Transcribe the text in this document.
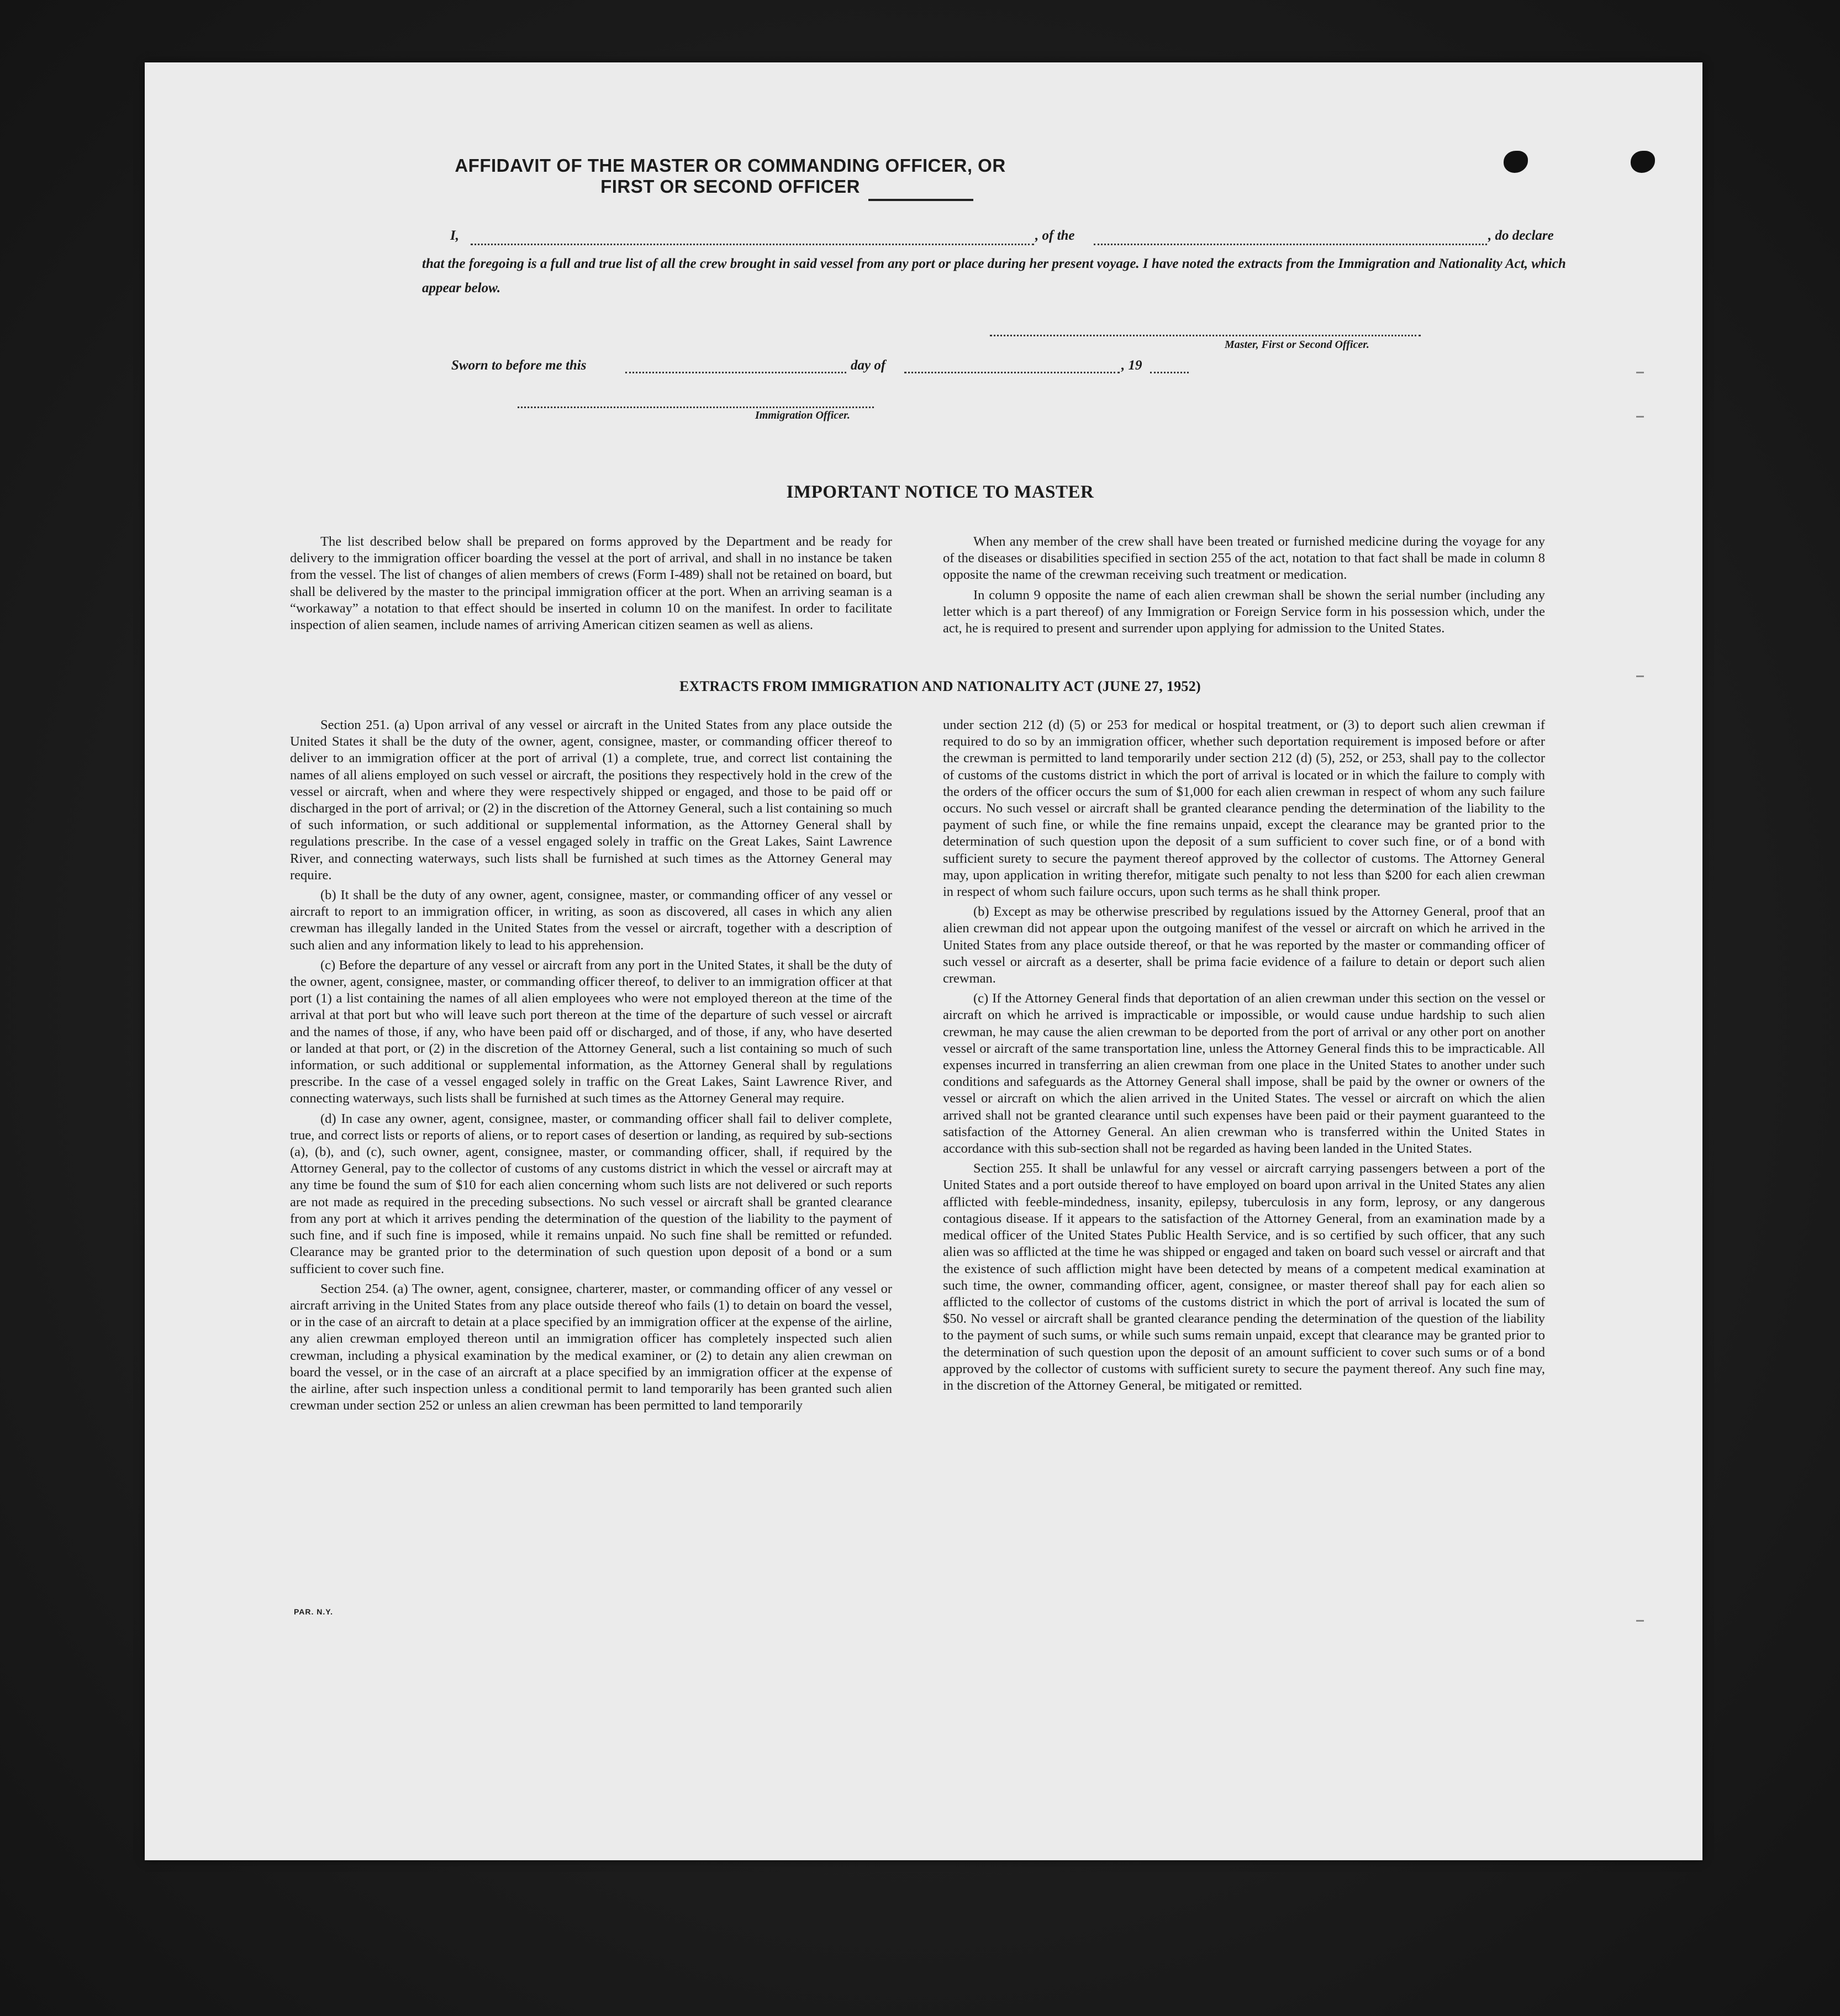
AFFIDAVIT OF THE MASTER OR COMMANDING OFFICER, OR FIRST OR SECOND OFFICER
I,	, of the	, do declare
that the foregoing is a full and true list of all the crew brought in said vessel from any port or place during her present voyage. I have noted the extracts from the Immigration and Nationality Act, which appear below.
Master, First or Second Officer.
Sworn to before me this	day of	, 19
Immigration Officer.
IMPORTANT NOTICE TO MASTER

The list described below shall be prepared on forms approved by the Department and be ready for delivery to the immigration officer boarding the vessel at the port of arrival, and shall in no instance be taken from the vessel. The list of changes of alien members of crews (Form I-489) shall not be retained on board, but shall be delivered by the master to the principal immigration officer at the port. When an arriving seaman is a “workaway” a notation to that effect should be inserted in column 10 on the manifest. In order to facilitate inspection of alien seamen, include names of arriving American citizen seamen as well as aliens.

When any member of the crew shall have been treated or furnished medicine during the voyage for any of the diseases or disabilities specified in section 255 of the act, notation to that fact shall be made in column 8 opposite the name of the crewman receiving such treatment or medication.

In column 9 opposite the name of each alien crewman shall be shown the serial number (including any letter which is a part thereof) of any Immigration or Foreign Service form in his possession which, under the act, he is required to present and surrender upon applying for admission to the United States.

EXTRACTS FROM IMMIGRATION AND NATIONALITY ACT (JUNE 27, 1952)

Section 251. (a) Upon arrival of any vessel or aircraft in the United States from any place outside the United States it shall be the duty of the owner, agent, consignee, master, or commanding officer thereof to deliver to an immigration officer at the port of arrival (1) a complete, true, and correct list containing the names of all aliens employed on such vessel or aircraft, the positions they respectively hold in the crew of the vessel or aircraft, when and where they were respectively shipped or engaged, and those to be paid off or discharged in the port of arrival; or (2) in the discretion of the Attorney General, such a list containing so much of such information, or such additional or supplemental information, as the Attorney General shall by regulations prescribe. In the case of a vessel engaged solely in traffic on the Great Lakes, Saint Lawrence River, and connecting waterways, such lists shall be furnished at such times as the Attorney General may require.

(b) It shall be the duty of any owner, agent, consignee, master, or commanding officer of any vessel or aircraft to report to an immigration officer, in writing, as soon as discovered, all cases in which any alien crewman has illegally landed in the United States from the vessel or aircraft, together with a description of such alien and any information likely to lead to his apprehension.

(c) Before the departure of any vessel or aircraft from any port in the United States, it shall be the duty of the owner, agent, consignee, master, or commanding officer thereof, to deliver to an immigration officer at that port (1) a list containing the names of all alien employees who were not employed thereon at the time of the arrival at that port but who will leave such port thereon at the time of the departure of such vessel or aircraft and the names of those, if any, who have been paid off or discharged, and of those, if any, who have deserted or landed at that port, or (2) in the discretion of the Attorney General, such a list containing so much of such information, or such additional or supplemental information, as the Attorney General shall by regulations prescribe. In the case of a vessel engaged solely in traffic on the Great Lakes, Saint Lawrence River, and connecting waterways, such lists shall be furnished at such times as the Attorney General may require.

(d) In case any owner, agent, consignee, master, or commanding officer shall fail to deliver complete, true, and correct lists or reports of aliens, or to report cases of desertion or landing, as required by sub-sections (a), (b), and (c), such owner, agent, consignee, master, or commanding officer, shall, if required by the Attorney General, pay to the collector of customs of any customs district in which the vessel or aircraft may at any time be found the sum of $10 for each alien concerning whom such lists are not delivered or such reports are not made as required in the preceding subsections. No such vessel or aircraft shall be granted clearance from any port at which it arrives pending the determination of the question of the liability to the payment of such fine, and if such fine is imposed, while it remains unpaid. No such fine shall be remitted or refunded. Clearance may be granted prior to the determination of such question upon deposit of a bond or a sum sufficient to cover such fine.

Section 254. (a) The owner, agent, consignee, charterer, master, or commanding officer of any vessel or aircraft arriving in the United States from any place outside thereof who fails (1) to detain on board the vessel, or in the case of an aircraft to detain at a place specified by an immigration officer at the expense of the airline, any alien crewman employed thereon until an immigration officer has completely inspected such alien crewman, including a physical examination by the medical examiner, or (2) to detain any alien crewman on board the vessel, or in the case of an aircraft at a place specified by an immigration officer at the expense of the airline, after such inspection unless a conditional permit to land temporarily has been granted such alien crewman under section 252 or unless an alien crewman has been permitted to land temporarily

under section 212 (d) (5) or 253 for medical or hospital treatment, or (3) to deport such alien crewman if required to do so by an immigration officer, whether such deportation requirement is imposed before or after the crewman is permitted to land temporarily under section 212 (d) (5), 252, or 253, shall pay to the collector of customs of the customs district in which the port of arrival is located or in which the failure to comply with the orders of the officer occurs the sum of $1,000 for each alien crewman in respect of whom any such failure occurs. No such vessel or aircraft shall be granted clearance pending the determination of the liability to the payment of such fine, or while the fine remains unpaid, except the clearance may be granted prior to the determination of such question upon the deposit of a sum sufficient to cover such fine, or of a bond with sufficient surety to secure the payment thereof approved by the collector of customs. The Attorney General may, upon application in writing therefor, mitigate such penalty to not less than $200 for each alien crewman in respect of whom such failure occurs, upon such terms as he shall think proper.

(b) Except as may be otherwise prescribed by regulations issued by the Attorney General, proof that an alien crewman did not appear upon the outgoing manifest of the vessel or aircraft on which he arrived in the United States from any place outside thereof, or that he was reported by the master or commanding officer of such vessel or aircraft as a deserter, shall be prima facie evidence of a failure to detain or deport such alien crewman.

(c) If the Attorney General finds that deportation of an alien crewman under this section on the vessel or aircraft on which he arrived is impracticable or impossible, or would cause undue hardship to such alien crewman, he may cause the alien crewman to be deported from the port of arrival or any other port on another vessel or aircraft of the same transportation line, unless the Attorney General finds this to be impracticable. All expenses incurred in transferring an alien crewman from one place in the United States to another under such conditions and safeguards as the Attorney General shall impose, shall be paid by the owner or owners of the vessel or aircraft on which the alien arrived in the United States. The vessel or aircraft on which the alien arrived shall not be granted clearance until such expenses have been paid or their payment guaranteed to the satisfaction of the Attorney General. An alien crewman who is transferred within the United States in accordance with this sub-section shall not be regarded as having been landed in the United States.

Section 255. It shall be unlawful for any vessel or aircraft carrying passengers between a port of the United States and a port outside thereof to have employed on board upon arrival in the United States any alien afflicted with feeble-mindedness, insanity, epilepsy, tuberculosis in any form, leprosy, or any dangerous contagious disease. If it appears to the satisfaction of the Attorney General, from an examination made by a medical officer of the United States Public Health Service, and is so certified by such officer, that any such alien was so afflicted at the time he was shipped or engaged and taken on board such vessel or aircraft and that the existence of such affliction might have been detected by means of a competent medical examination at such time, the owner, commanding officer, agent, consignee, or master thereof shall pay for each alien so afflicted to the collector of customs of the customs district in which the port of arrival is located the sum of $50. No vessel or aircraft shall be granted clearance pending the determination of the question of the liability to the payment of such sums, or while such sums remain unpaid, except that clearance may be granted prior to the determination of such question upon the deposit of an amount sufficient to cover such sums or of a bond approved by the collector of customs with sufficient surety to secure the payment thereof. Any such fine may, in the discretion of the Attorney General, be mitigated or remitted.

PAR. N.Y.
